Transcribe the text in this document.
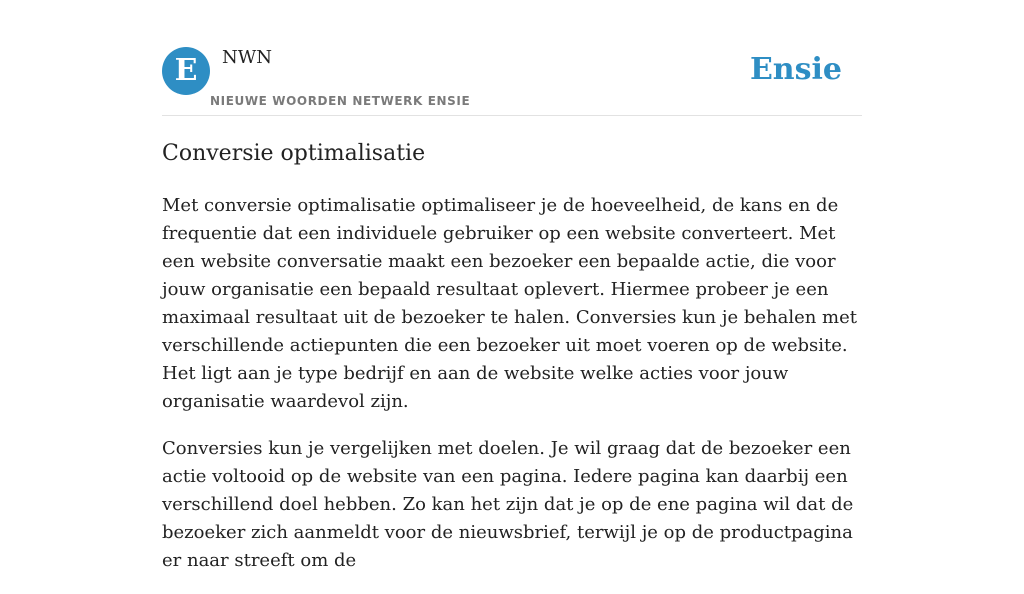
E	NWN
NIEUWE WOORDEN NETWERK ENSIE
Ensie
Conversie optimalisatie

Met conversie optimalisatie optimaliseer je de hoeveelheid, de kans en de frequentie dat een individuele gebruiker op een website converteert. Met een website conversatie maakt een bezoeker een bepaalde actie, die voor jouw organisatie een bepaald resultaat oplevert. Hiermee probeer je een maximaal resultaat uit de bezoeker te halen. Conversies kun je behalen met verschillende actiepunten die een bezoeker uit moet voeren op de website. Het ligt aan je type bedrijf en aan de website welke acties voor jouw organisatie waardevol zijn.

Conversies kun je vergelijken met doelen. Je wil graag dat de bezoeker een actie voltooid op de website van een pagina. Iedere pagina kan daarbij een verschillend doel hebben. Zo kan het zijn dat je op de ene pagina wil dat de bezoeker zich aanmeldt voor de nieuwsbrief, terwijl je op de productpagina er naar streeft om de
